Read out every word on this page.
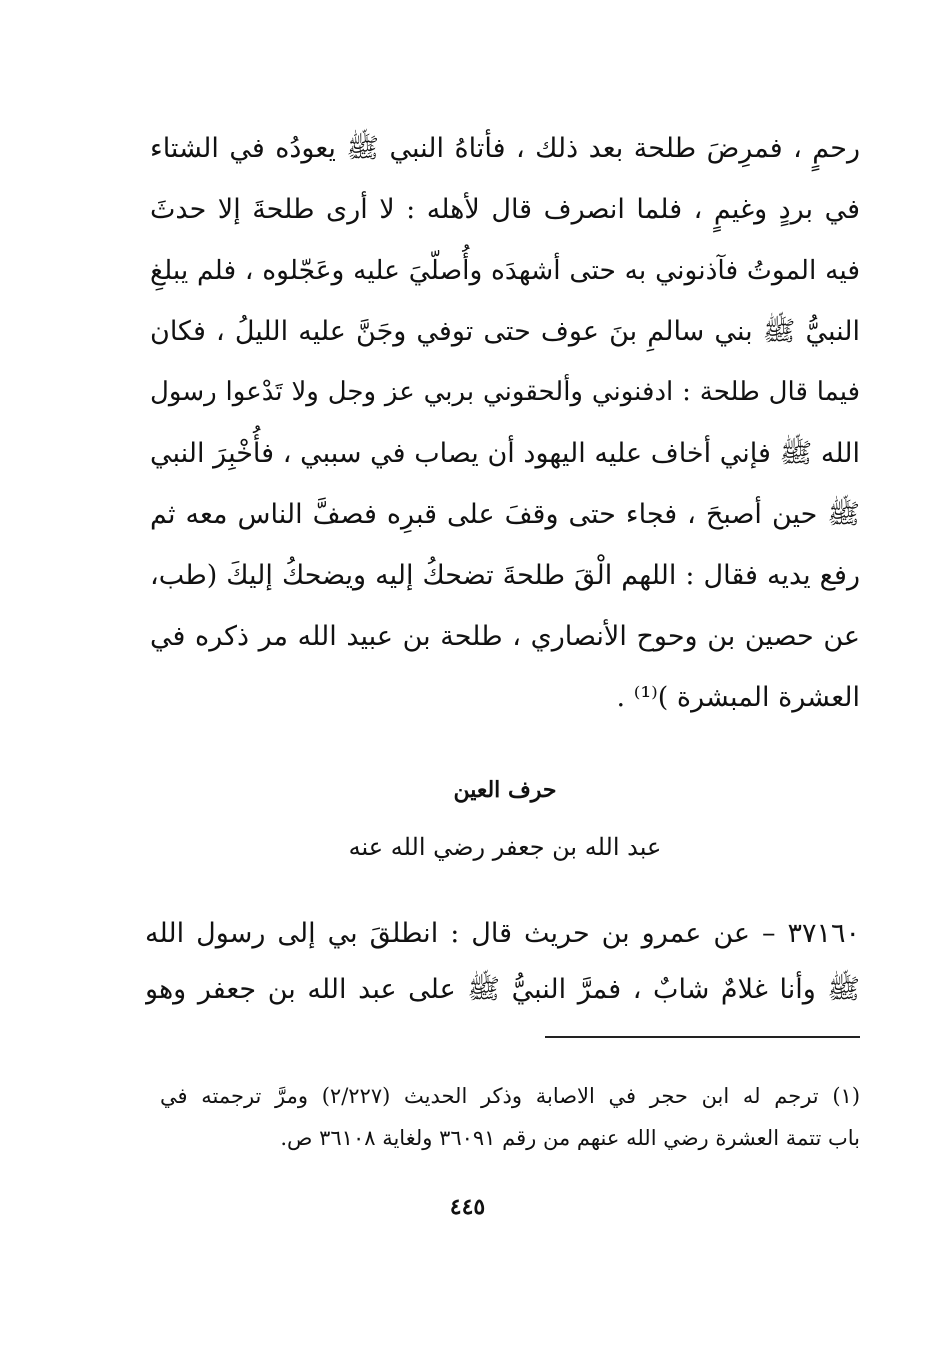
رحمٍ ، فمرِضَ طلحة بعد ذلك ، فأتاهُ النبي ﷺ يعودُه في الشتاء
في بردٍ وغيمٍ ، فلما انصرف قال لأهله : لا أرى طلحةَ إلا حدثَ
فيه الموتُ فآذنوني به حتى أشهدَه وأُصلّيَ عليه وعَجّلوه ، فلم يبلغِ
النبيُّ ﷺ بني سالمِ بنَ عوف حتى توفي وجَنَّ عليه الليلُ ، فكان
فيما قال طلحة : ادفنوني وألحقوني بربي عز وجل ولا تَدْعوا رسول
الله ﷺ فإني أخاف عليه اليهود أن يصاب في سببي ، فأُخْبِرَ النبي
ﷺ حين أصبحَ ، فجاء حتى وقفَ على قبرِه فصفَّ الناس معه ثم
رفع يديه فقال : اللهم الْقَ طلحةَ تضحكُ إليه ويضحكُ إليكَ (طب،
عن حصين بن وحوح الأنصاري ، طلحة بن عبيد الله مر ذكره في
العشرة المبشرة )⁽¹⁾ .
حرف العين
عبد الله بن جعفر رضي الله عنه
٣٧١٦٠ – عن عمرو بن حريث قال : انطلقَ بي إلى رسول الله
ﷺ وأنا غلامٌ شابٌ ، فمرَّ النبيُّ ﷺ على عبد الله بن جعفر وهو
(١) ترجم له ابن حجر في الاصابة وذكر الحديث (٢/٢٢٧) ومرَّ ترجمته في
باب تتمة العشرة رضي الله عنهم من رقم ٣٦٠٩١ ولغاية ٣٦١٠٨ ص.
٤٤٥
